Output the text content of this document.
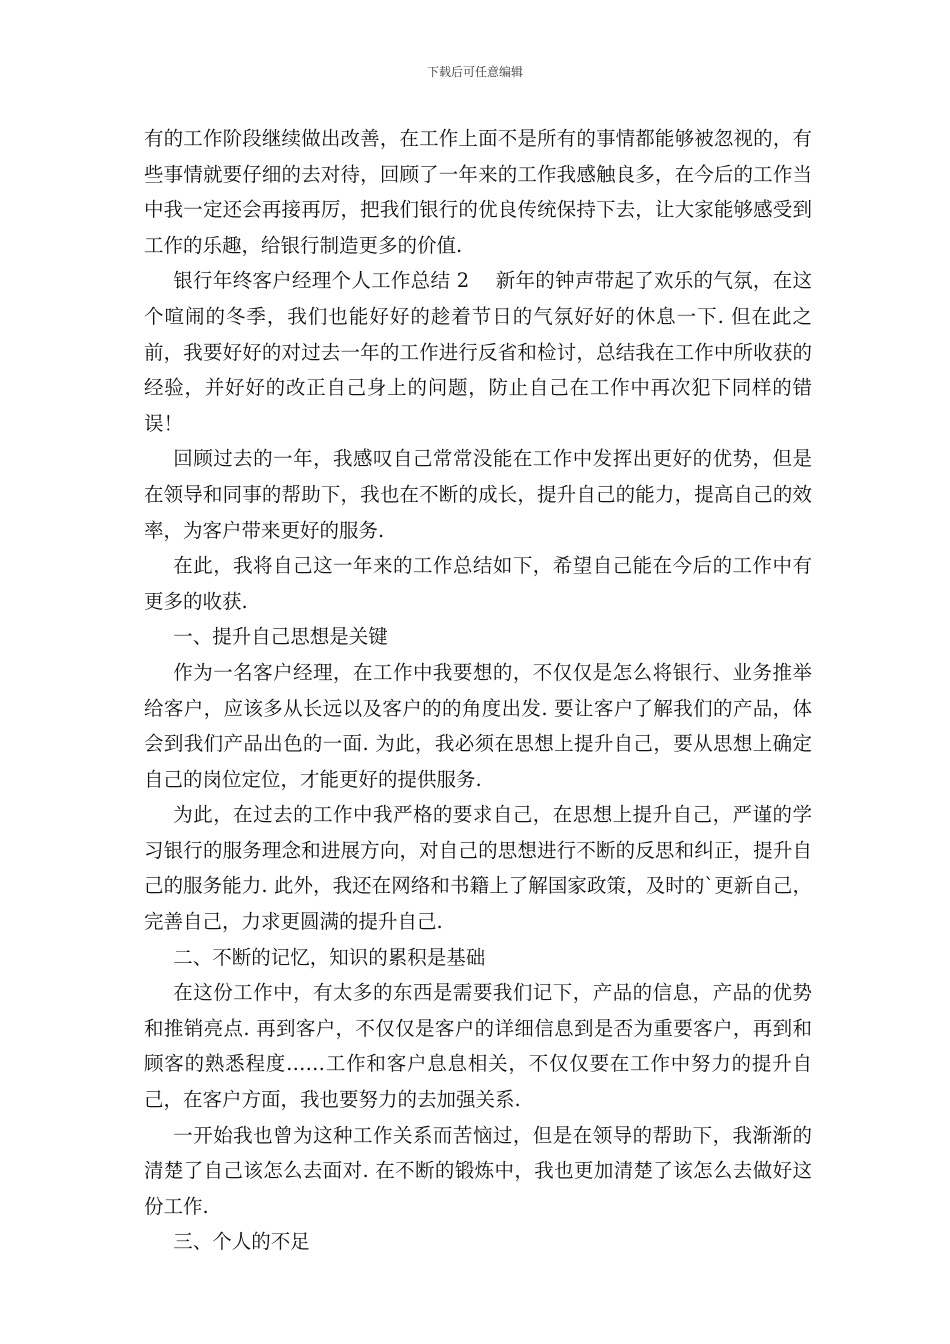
下载后可任意编辑

有的工作阶段继续做出改善，在工作上面不是所有的事情都能够被忽视的，有些事情就要仔细的去对待，回顾了一年来的工作我感触良多，在今后的工作当中我一定还会再接再厉，把我们银行的优良传统保持下去，让大家能够感受到工作的乐趣，给银行制造更多的价值.

银行年终客户经理个人工作总结 2　 新年的钟声带起了欢乐的气氛，在这个喧闹的冬季，我们也能好好的趁着节日的气氛好好的休息一下. 但在此之前，我要好好的对过去一年的工作进行反省和检讨，总结我在工作中所收获的经验，并好好的改正自己身上的问题，防止自己在工作中再次犯下同样的错误！

回顾过去的一年，我感叹自己常常没能在工作中发挥出更好的优势，但是在领导和同事的帮助下，我也在不断的成长，提升自己的能力，提高自己的效率，为客户带来更好的服务.

在此，我将自己这一年来的工作总结如下，希望自己能在今后的工作中有更多的收获.

一、提升自己思想是关键

作为一名客户经理，在工作中我要想的，不仅仅是怎么将银行、业务推举给客户，应该多从长远以及客户的的角度出发. 要让客户了解我们的产品，体会到我们产品出色的一面. 为此，我必须在思想上提升自己，要从思想上确定自己的岗位定位，才能更好的提供服务.

为此，在过去的工作中我严格的要求自己，在思想上提升自己，严谨的学习银行的服务理念和进展方向，对自己的思想进行不断的反思和纠正，提升自己的服务能力. 此外，我还在网络和书籍上了解国家政策，及时的`更新自己，完善自己，力求更圆满的提升自己.

二、不断的记忆，知识的累积是基础

在这份工作中，有太多的东西是需要我们记下，产品的信息，产品的优势和推销亮点. 再到客户，不仅仅是客户的详细信息到是否为重要客户，再到和顾客的熟悉程度……工作和客户息息相关，不仅仅要在工作中努力的提升自己，在客户方面，我也要努力的去加强关系.

一开始我也曾为这种工作关系而苦恼过，但是在领导的帮助下，我渐渐的清楚了自己该怎么去面对. 在不断的锻炼中，我也更加清楚了该怎么去做好这份工作.

三、个人的不足
